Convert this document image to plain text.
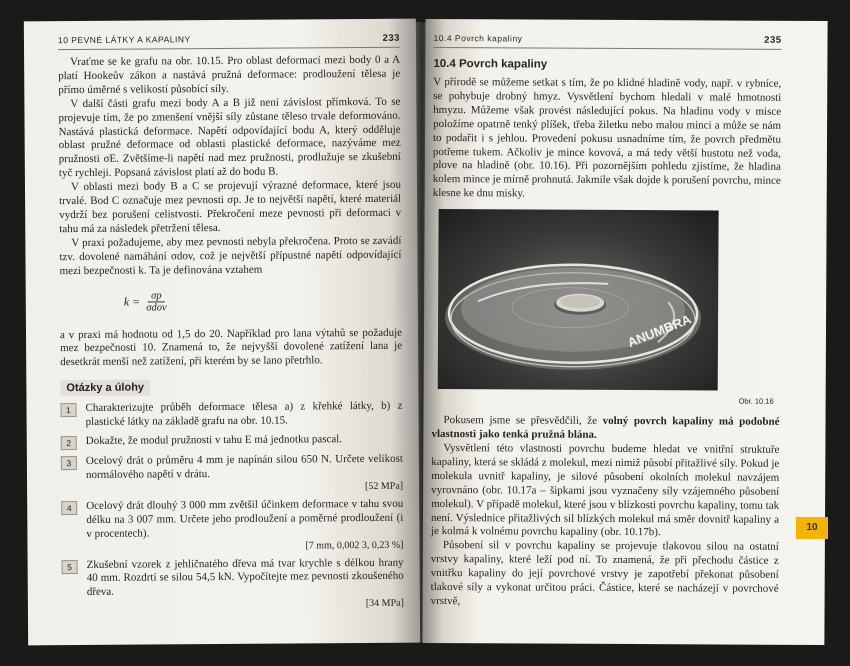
10 PEVNÉ LÁTKY A KAPALINY	233

Vraťme se ke grafu na obr. 10.15. Pro oblast deformací mezi body 0 a A platí Hookeův zákon a nastává pružná deformace: prodloužení tělesa je přímo úměrné s velikostí působící síly.

V další části grafu mezi body A a B již není závislost přímková. To se projevuje tím, že po zmenšení vnější síly zůstane těleso trvale deformováno. Nastává plastická deformace. Napětí odpovídající bodu A, který odděluje oblast pružné deformace od oblasti plastické deformace, nazýváme mez pružnosti σE. Zvětšíme-li napětí nad mez pružnosti, prodlužuje se zkušební tyč rychleji. Popsaná závislost platí až do bodu B.

V oblasti mezi body B a C se projevují výrazné deformace, které jsou trvalé. Bod C označuje mez pevnosti σp. Je to největší napětí, které materiál vydrží bez porušení celistvosti. Překročení meze pevnosti při deformaci v tahu má za následek přetržení tělesa.

V praxi požadujeme, aby mez pevnosti nebyla překročena. Proto se zavádí tzv. dovolené namáhání σdov, což je největší přípustné napětí odpovídající mezi bezpečnosti k. Ta je definována vztahem

$k = \frac{\sigma p}{\text{σdov}}$

a v praxi má hodnotu od 1,5 do 20. Například pro lana výtahů se požaduje mez bezpečnosti 10. Znamená to, že nejvyšší dovolené zatížení lana je desetkrát menší než zatížení, při kterém by se lano přetrhlo.

Otázky a úlohy
1	Charakterizujte průběh deformace tělesa a) z křehké látky, b) z plastické látky na základě grafu na obr. 10.15.

2	Dokažte, že modul pružnosti v tahu E má jednotku pascal.

3	Ocelový drát o průměru 4 mm je napínán silou 650 N. Určete velikost normálového napětí v drátu.

[52 MPa]
4	Ocelový drát dlouhý 3 000 mm zvětšil účinkem deformace v tahu svou délku na 3 007 mm. Určete jeho prodloužení a poměrné prodloužení (i v procentech).

[7 mm, 0,002 3, 0,23 %]
5	Zkušební vzorek z jehličnatého dřeva má tvar krychle s délkou hrany 40 mm. Rozdrtí se silou 54,5 kN. Vypočítejte mez pevnosti zkoušeného dřeva.

[34 MPa]
10.4 Povrch kapaliny	235
10.4 Povrch kapaliny

V přírodě se můžeme setkat s tím, že po klidné hladině vody, např. v rybníce, se pohybuje drobný hmyz. Vysvětlení bychom hledali v malé hmotnosti hmyzu. Můžeme však provést následující pokus. Na hladinu vody v misce položíme opatrně tenký plíšek, třeba žiletku nebo malou minci a může se nám to podařit i s jehlou. Provedení pokusu usnadníme tím, že povrch předmětu potřeme tukem. Ačkoliv je mince kovová, a má tedy větší hustotu než voda, plove na hladině (obr. 10.16). Při pozornějším pohledu zjistíme, že hladina kolem mince je mírně prohnutá. Jakmile však dojde k porušení povrchu, mince klesne ke dnu misky.

ANUMBRA
Obr. 10.16

Pokusem jsme se přesvědčili, že volný povrch kapaliny má podobné vlastnosti jako tenká pružná blána.

Vysvětlení této vlastnosti povrchu budeme hledat ve vnitřní struktuře kapaliny, která se skládá z molekul, mezi nimiž působí přitažlivé síly. Pokud je molekula uvnitř kapaliny, je silové působení okolních molekul navzájem vyrovnáno (obr. 10.17a – šipkami jsou vyznačeny síly vzájemného působení molekul). V případě molekul, které jsou v blízkosti povrchu kapaliny, tomu tak není. Výslednice přitažlivých sil blízkých molekul má směr dovnitř kapaliny a je kolmá k volnému povrchu kapaliny (obr. 10.17b).

Působení sil v povrchu kapaliny se projevuje tlakovou silou na ostatní vrstvy kapaliny, které leží pod ní. To znamená, že při přechodu částice z vnitřku kapaliny do její povrchové vrstvy je zapotřebí překonat působení tlakové síly a vykonat určitou práci. Částice, které se nacházejí v povrchové vrstvě,

10
